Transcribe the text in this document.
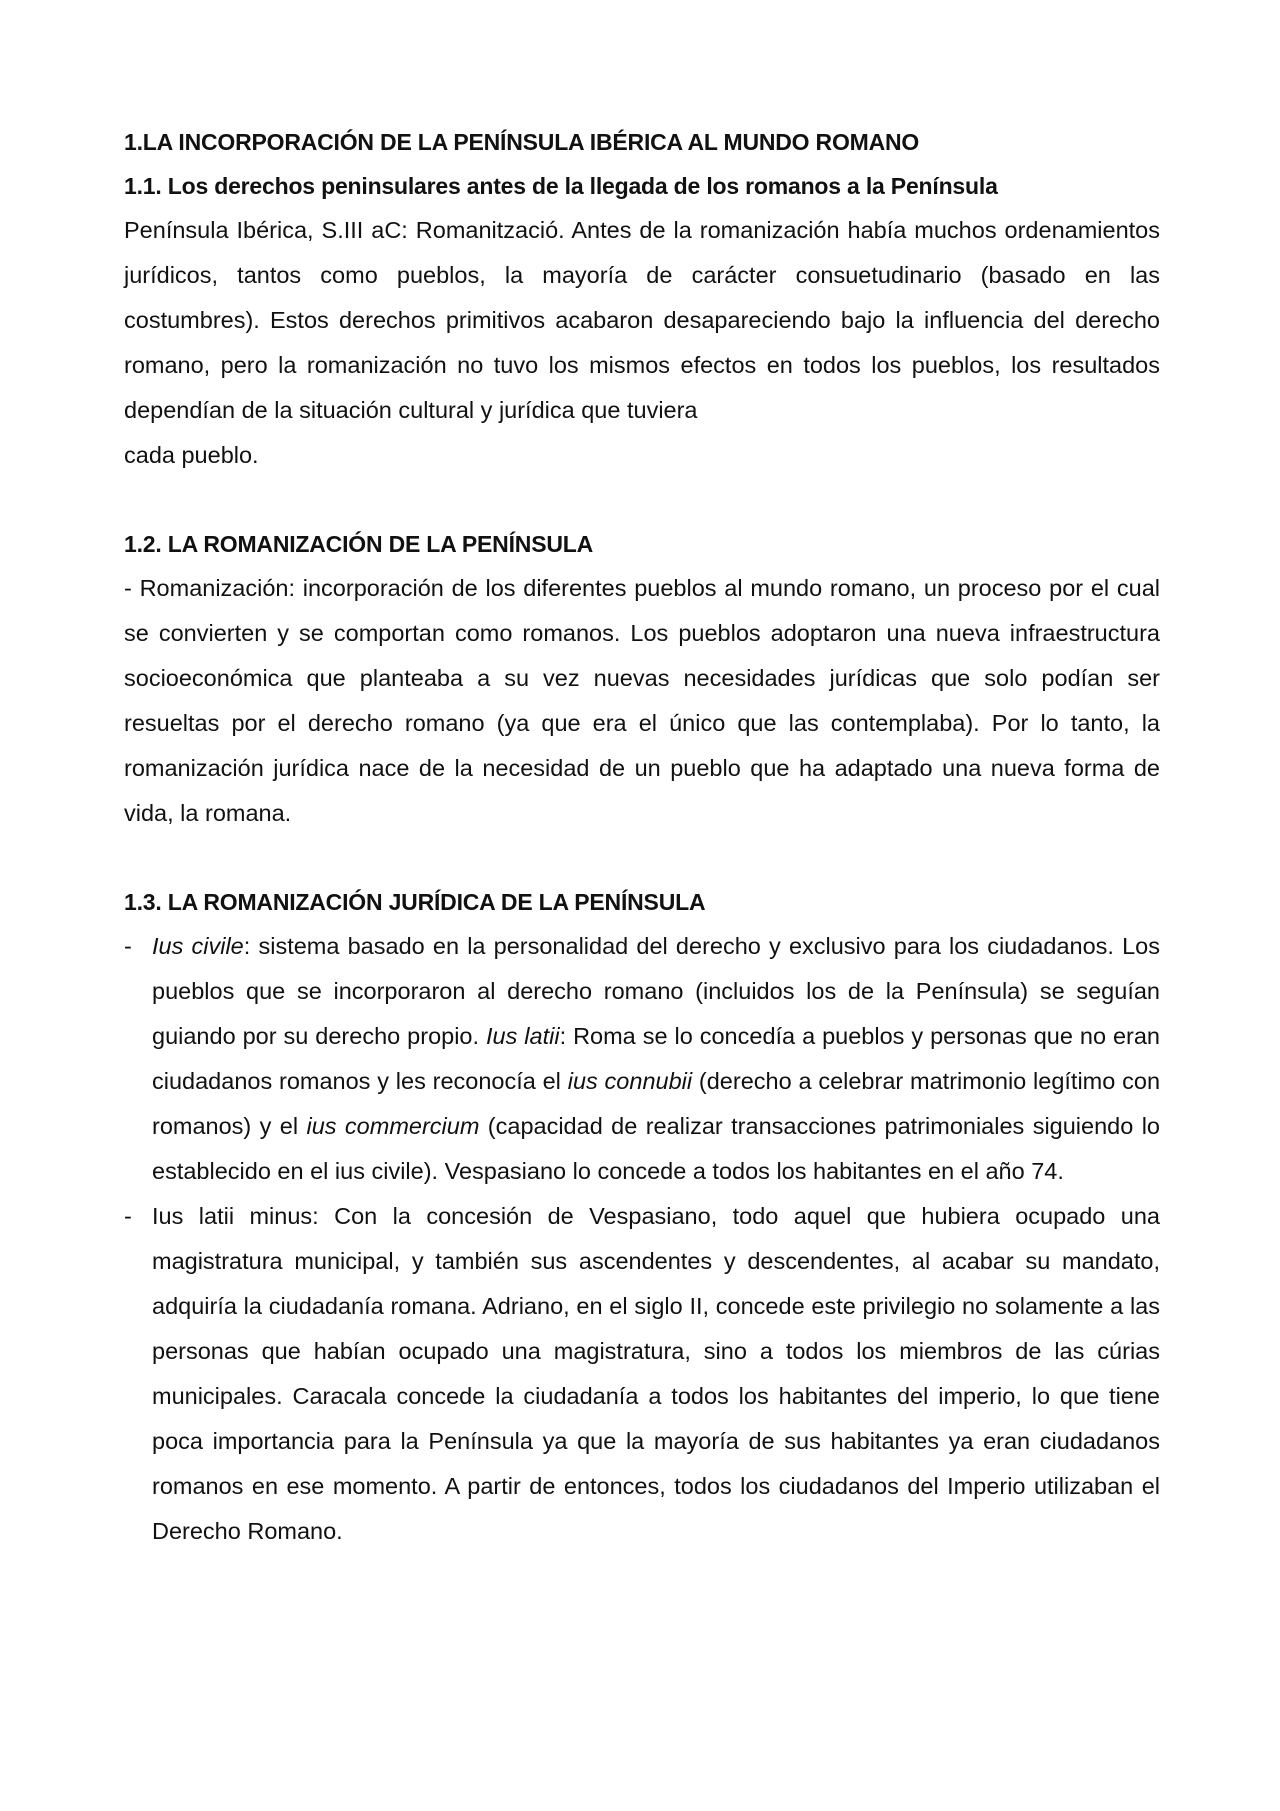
1.LA INCORPORACIÓN DE LA PENÍNSULA IBÉRICA AL MUNDO ROMANO
1.1. Los derechos peninsulares antes de la llegada de los romanos a la Península

Península Ibérica, S.III aC: Romanització. Antes de la romanización había muchos ordenamientos jurídicos, tantos como pueblos, la mayoría de carácter consuetudinario (basado en las costumbres). Estos derechos primitivos acabaron desapareciendo bajo la influencia del derecho romano, pero la romanización no tuvo los mismos efectos en todos los pueblos, los resultados dependían de la situación cultural y jurídica que tuviera
cada pueblo.

1.2. LA ROMANIZACIÓN DE LA PENÍNSULA

- Romanización: incorporación de los diferentes pueblos al mundo romano, un proceso por el cual se convierten y se comportan como romanos. Los pueblos adoptaron una nueva infraestructura socioeconómica que planteaba a su vez nuevas necesidades jurídicas que solo podían ser resueltas por el derecho romano (ya que era el único que las contemplaba). Por lo tanto, la romanización jurídica nace de la necesidad de un pueblo que ha adaptado una nueva forma de vida, la romana.

1.3. LA ROMANIZACIÓN JURÍDICA DE LA PENÍNSULA
- Ius civile: sistema basado en la personalidad del derecho y exclusivo para los ciudadanos. Los pueblos que se incorporaron al derecho romano (incluidos los de la Península) se seguían guiando por su derecho propio. Ius latii: Roma se lo concedía a pueblos y personas que no eran ciudadanos romanos y les reconocía el ius connubii (derecho a celebrar matrimonio legítimo con romanos) y el ius commercium (capacidad de realizar transacciones patrimoniales siguiendo lo establecido en el ius civile). Vespasiano lo concede a todos los habitantes en el año 74.
- Ius latii minus: Con la concesión de Vespasiano, todo aquel que hubiera ocupado una magistratura municipal, y también sus ascendentes y descendentes, al acabar su mandato, adquiría la ciudadanía romana. Adriano, en el siglo II, concede este privilegio no solamente a las personas que habían ocupado una magistratura, sino a todos los miembros de las cúrias municipales. Caracala concede la ciudadanía a todos los habitantes del imperio, lo que tiene poca importancia para la Península ya que la mayoría de sus habitantes ya eran ciudadanos romanos en ese momento. A partir de entonces, todos los ciudadanos del Imperio utilizaban el Derecho Romano.
